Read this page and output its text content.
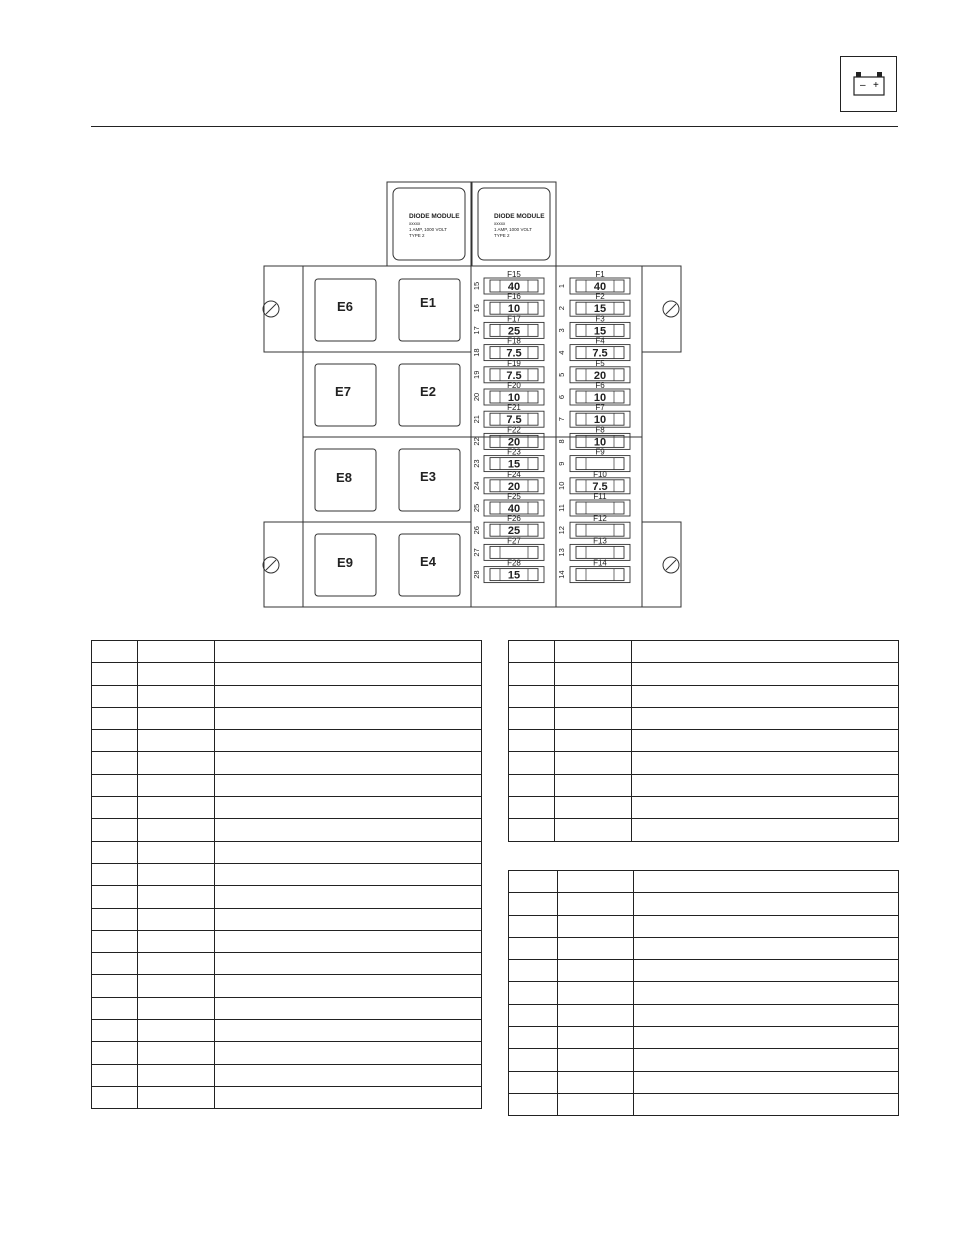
– +
DIODE MODULE
xxxxx
1 AMP, 1000 VOLT
TYPE 2
DIODE MODULE
xxxxx
1 AMP, 1000 VOLT
TYPE 2
E1
E2
E3
E4
E6
E7
E8
E9
F15
40
15
F16
10
16
F17
25
17
F18
7.5
18
F19
7.5
19
F20
10
20
F21
7.5
21
F22
20
22
F23
15
23
F24
20
24
F25
40
25
F26
25
26
F27
27
F28
15
28
F1
40
1
F2
15
2
F3
15
3
F4
7.5
4
F5
20
5
F6
10
6
F7
10
7
F8
10
8
F9
9
F10
7.5
10
F11
11
F12
12
F13
13
F14
14
